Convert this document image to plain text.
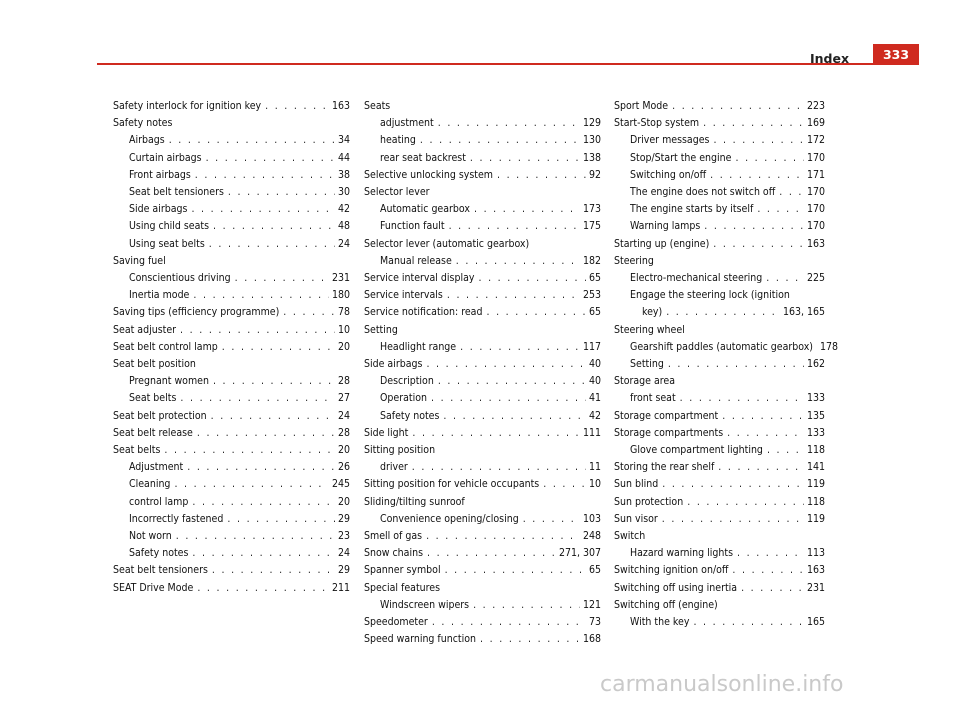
Index	333
Safety interlock for ignition key . . .	163
Safety notes
Airbags . . .	34
Curtain airbags . . .	44
Front airbags . . .	38
Seat belt tensioners . . .	30
Side airbags . . .	42
Using child seats . . .	48
Using seat belts . . .	24
Saving fuel
Conscientious driving . . .	231
Inertia mode . . .	180
Saving tips (efficiency programme) . . .	78
Seat adjuster . . .	10
Seat belt control lamp . . .	20
Seat belt position
Pregnant women . . .	28
Seat belts . . .	27
Seat belt protection . . .	24
Seat belt release . . .	28
Seat belts . . .	20
Adjustment . . .	26
Cleaning . . .	245
control lamp . . .	20
Incorrectly fastened . . .	29
Not worn . . .	23
Safety notes . . .	24
Seat belt tensioners . . .	29
SEAT Drive Mode . . .	211
Seats
adjustment . . .	129
heating . . .	130
rear seat backrest . . .	138
Selective unlocking system . . .	92
Selector lever
Automatic gearbox . . .	173
Function fault . . .	175
Selector lever (automatic gearbox)
Manual release . . .	182
Service interval display . . .	65
Service intervals . . .	253
Service notification: read . . .	65
Setting
Headlight range . . .	117
Side airbags . . .	40
Description . . .	40
Operation . . .	41
Safety notes . . .	42
Side light . . .	111
Sitting position
driver . . .	11
Sitting position for vehicle occupants . . .	10
Sliding/tilting sunroof
Convenience opening/closing . . .	103
Smell of gas . . .	248
Snow chains . . .	271, 307
Spanner symbol . . .	65
Special features
Windscreen wipers . . .	121
Speedometer . . .	73
Speed warning function . . .	168
Sport Mode . . .	223
Start-Stop system . . .	169
Driver messages . . .	172
Stop/Start the engine . . .	170
Switching on/off . . .	171
The engine does not switch off . . .	170
The engine starts by itself . . .	170
Warning lamps . . .	170
Starting up (engine) . . .	163
Steering
Electro-mechanical steering . . .	225
Engage the steering lock (ignition
key) . . .	163, 165
Steering wheel
Gearshift paddles (automatic gearbox) 178
Setting . . .	162
Storage area
front seat . . .	133
Storage compartment . . .	135
Storage compartments . . .	133
Glove compartment lighting . . .	118
Storing the rear shelf . . .	141
Sun blind . . .	119
Sun protection . . .	118
Sun visor . . .	119
Switch
Hazard warning lights . . .	113
Switching ignition on/off . . .	163
Switching off using inertia . . .	231
Switching off (engine)
With the key . . .	165
carmanualsonline.info
